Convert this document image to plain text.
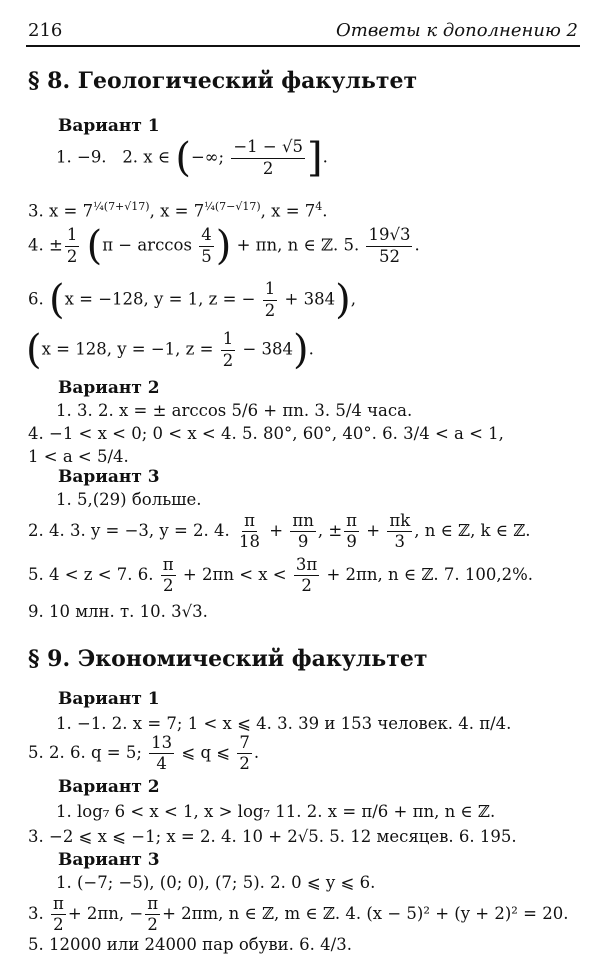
216	Ответы к дополнению 2
§ 8. Геологический факультет
Вариант 1
1. −9. 2. x ∈ (−∞; $\frac{-1 - √5}{2}$ ].
3. $x = 7^{\frac{1}{4}(7+√17)}$, $x = 7^{\frac{1}{4}(7-√17)}$, $x = 7^4$.
4. ± $\frac{1}{2} (\pi - \arccos \frac{4}{5}$ ) + πn, n ∈ ℤ. 5. $\frac{19√3}{52}$ .
6. (x = −128, y = 1, z = − $\frac{1}{2} + 384$),
(x = 128, y = −1, $z = \frac{1}{2} - 384$).
Вариант 2
1. 3. 2. x = ± arccos 5/6 + πn. 3. 5/4 часа.
4. −1 < x < 0; 0 < x < 4. 5. 80°, 60°, 40°. 6. 3/4 < a < 1,
1 < a < 5/4.
Вариант 3
1. 5,(29) больше.
2. 4. 3. y = −3, y = 2. 4. $\frac{\pi}{18} + \frac{\pi n}{9}$ , ± $\frac{\pi}{9} + \frac{\pi k}{3}$ , n ∈ ℤ, k ∈ ℤ.
5. 4 < z < 7. 6. $\frac{\pi}{2} + 2\pi n < x < \frac{3\pi}{2} + 2\pi n$, n ∈ ℤ. 7. 100,2%.
9. 10 млн. т. 10. 3√3.
§ 9. Экономический факультет
Вариант 1
1. −1. 2. x = 7; 1 < x ⩽ 4. 3. 39 и 153 человек. 4. π/4.
5. 2. 6. q = 5; $\frac{13}{4}$ ⩽ q ⩽ $\frac{7}{2}$ .
Вариант 2
1. log₇ 6 < x < 1, x > log₇ 11. 2. x = π/6 + πn, n ∈ ℤ.
3. −2 ⩽ x ⩽ −1; x = 2. 4. 10 + 2√5. 5. 12 месяцев. 6. 195.
Вариант 3
1. (−7; −5), (0; 0), (7; 5). 2. 0 ⩽ y ⩽ 6.
3. $\frac{\pi}{2} + 2\pi n$, − $\frac{\pi}{2} + 2\pi m$, n ∈ ℤ, m ∈ ℤ. 4. (x − 5)² + (y + 2)² = 20.
5. 12000 или 24000 пар обуви. 6. 4/3.
